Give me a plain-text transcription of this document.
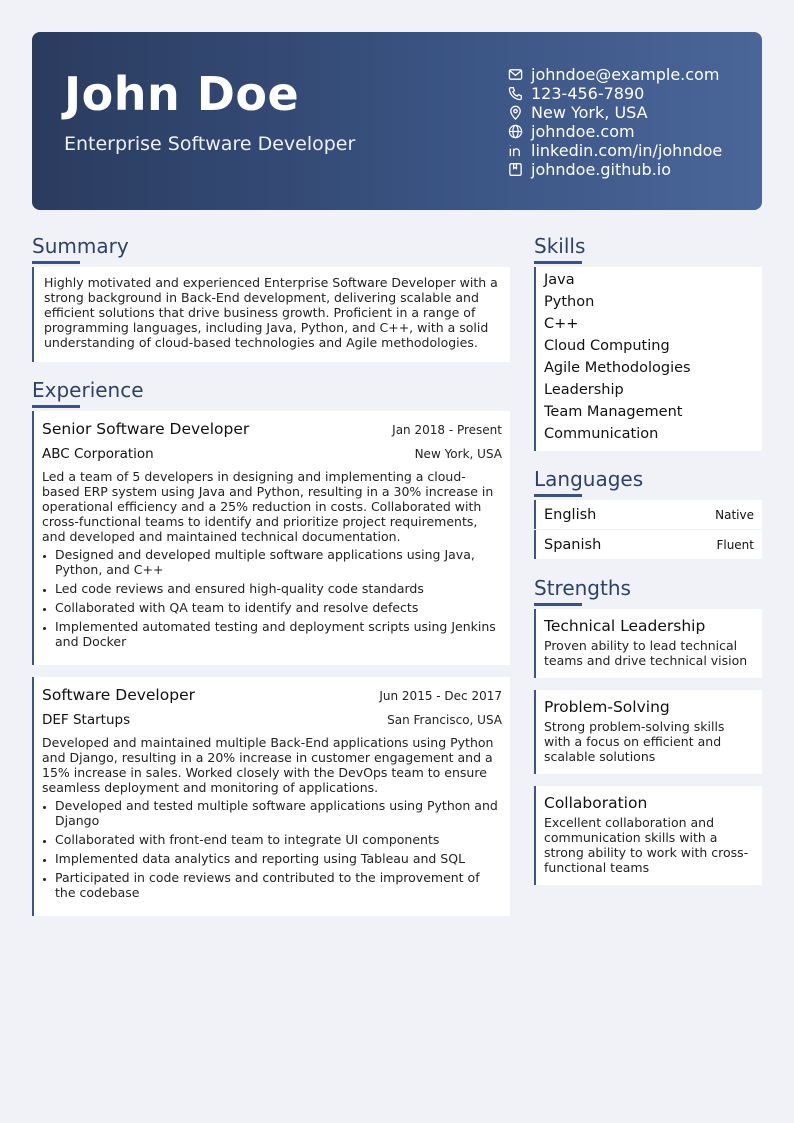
John Doe
Enterprise Software Developer
johndoe@example.com
123-456-7890
New York, USA
johndoe.com
linkedin.com/in/johndoe
johndoe.github.io
Summary
Highly motivated and experienced Enterprise Software Developer with a strong background in Back-End development, delivering scalable and efficient solutions that drive business growth. Proficient in a range of programming languages, including Java, Python, and C++, with a solid understanding of cloud-based technologies and Agile methodologies.
Experience
Senior Software Developer	Jan 2018 - Present
ABC Corporation	New York, USA
Led a team of 5 developers in designing and implementing a cloud-based ERP system using Java and Python, resulting in a 30% increase in operational efficiency and a 25% reduction in costs. Collaborated with cross-functional teams to identify and prioritize project requirements, and developed and maintained technical documentation.
• Designed and developed multiple software applications using Java, Python, and C++
• Led code reviews and ensured high-quality code standards
• Collaborated with QA team to identify and resolve defects
• Implemented automated testing and deployment scripts using Jenkins and Docker
Software Developer	Jun 2015 - Dec 2017
DEF Startups	San Francisco, USA
Developed and maintained multiple Back-End applications using Python and Django, resulting in a 20% increase in customer engagement and a 15% increase in sales. Worked closely with the DevOps team to ensure seamless deployment and monitoring of applications.
• Developed and tested multiple software applications using Python and Django
• Collaborated with front-end team to integrate UI components
• Implemented data analytics and reporting using Tableau and SQL
• Participated in code reviews and contributed to the improvement of the codebase
Skills
Java
Python
C++
Cloud Computing
Agile Methodologies
Leadership
Team Management
Communication
Languages
English	Native
Spanish	Fluent
Strengths
Technical Leadership
Proven ability to lead technical teams and drive technical vision
Problem-Solving
Strong problem-solving skills with a focus on efficient and scalable solutions
Collaboration
Excellent collaboration and communication skills with a strong ability to work with cross-functional teams
